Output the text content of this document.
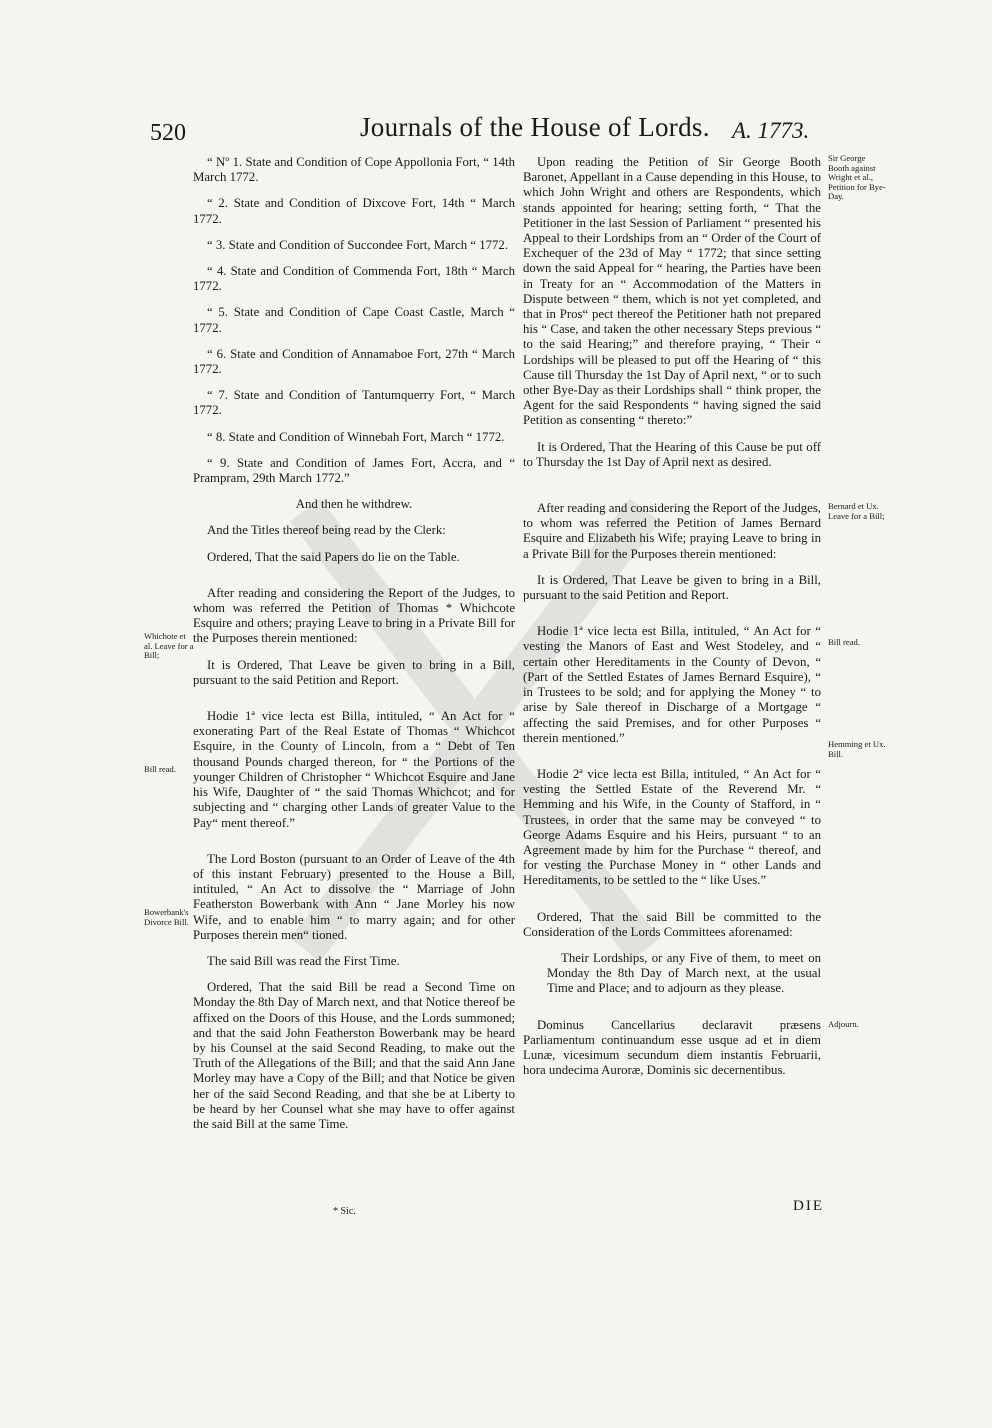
520	Journals of the House of Lords. A. 1773.

“ Nº 1. State and Condition of Cope Appollonia Fort, “ 14th March 1772.

“ 2. State and Condition of Dixcove Fort, 14th “ March 1772.

“ 3. State and Condition of Succondee Fort, March “ 1772.

“ 4. State and Condition of Commenda Fort, 18th “ March 1772.

“ 5. State and Condition of Cape Coast Castle, March “ 1772.

“ 6. State and Condition of Annamaboe Fort, 27th “ March 1772.

“ 7. State and Condition of Tantumquerry Fort, “ March 1772.

“ 8. State and Condition of Winnebah Fort, March “ 1772.

“ 9. State and Condition of James Fort, Accra, and “ Prampram, 29th March 1772.”

And then he withdrew.

And the Titles thereof being read by the Clerk:

Ordered, That the said Papers do lie on the Table.

After reading and considering the Report of the Judges, to whom was referred the Petition of Thomas * Whichcote Esquire and others; praying Leave to bring in a Private Bill for the Purposes therein mentioned:

It is Ordered, That Leave be given to bring in a Bill, pursuant to the said Petition and Report.

Hodie 1ª vice lecta est Billa, intituled, “ An Act for “ exonerating Part of the Real Estate of Thomas “ Whichcot Esquire, in the County of Lincoln, from a “ Debt of Ten thousand Pounds charged thereon, for “ the Portions of the younger Children of Christopher “ Whichcot Esquire and Jane his Wife, Daughter of “ the said Thomas Whichcot; and for subjecting and “ charging other Lands of greater Value to the Pay“ ment thereof.”

The Lord Boston (pursuant to an Order of Leave of the 4th of this instant February) presented to the House a Bill, intituled, “ An Act to dissolve the “ Marriage of John Featherston Bowerbank with Ann “ Jane Morley his now Wife, and to enable him “ to marry again; and for other Purposes therein men“ tioned.

The said Bill was read the First Time.

Ordered, That the said Bill be read a Second Time on Monday the 8th Day of March next, and that Notice thereof be affixed on the Doors of this House, and the Lords summoned; and that the said John Featherston Bowerbank may be heard by his Counsel at the said Second Reading, to make out the Truth of the Allegations of the Bill; and that the said Ann Jane Morley may have a Copy of the Bill; and that Notice be given her of the said Second Reading, and that she be at Liberty to be heard by her Counsel what she may have to offer against the said Bill at the same Time.

Upon reading the Petition of Sir George Booth Baronet, Appellant in a Cause depending in this House, to which John Wright and others are Respondents, which stands appointed for hearing; setting forth, “ That the Petitioner in the last Session of Parliament “ presented his Appeal to their Lordships from an “ Order of the Court of Exchequer of the 23d of May “ 1772; that since setting down the said Appeal for “ hearing, the Parties have been in Treaty for an “ Accommodation of the Matters in Dispute between “ them, which is not yet completed, and that in Pros“ pect thereof the Petitioner hath not prepared his “ Case, and taken the other necessary Steps previous “ to the said Hearing;” and therefore praying, “ Their “ Lordships will be pleased to put off the Hearing of “ this Cause till Thursday the 1st Day of April next, “ or to such other Bye-Day as their Lordships shall “ think proper, the Agent for the said Respondents “ having signed the said Petition as consenting “ thereto:”

It is Ordered, That the Hearing of this Cause be put off to Thursday the 1st Day of April next as desired.

After reading and considering the Report of the Judges, to whom was referred the Petition of James Bernard Esquire and Elizabeth his Wife; praying Leave to bring in a Private Bill for the Purposes therein mentioned:

It is Ordered, That Leave be given to bring in a Bill, pursuant to the said Petition and Report.

Hodie 1ª vice lecta est Billa, intituled, “ An Act for “ vesting the Manors of East and West Stodeley, and “ certain other Hereditaments in the County of Devon, “ (Part of the Settled Estates of James Bernard Esquire), “ in Trustees to be sold; and for applying the Money “ to arise by Sale thereof in Discharge of a Mortgage “ affecting the said Premises, and for other Purposes “ therein mentioned.”

Hodie 2ª vice lecta est Billa, intituled, “ An Act for “ vesting the Settled Estate of the Reverend Mr. “ Hemming and his Wife, in the County of Stafford, in “ Trustees, in order that the same may be conveyed “ to George Adams Esquire and his Heirs, pursuant “ to an Agreement made by him for the Purchase “ thereof, and for vesting the Purchase Money in “ other Lands and Hereditaments, to be settled to the “ like Uses.”

Ordered, That the said Bill be committed to the Consideration of the Lords Committees aforenamed:

Their Lordships, or any Five of them, to meet on Monday the 8th Day of March next, at the usual Time and Place; and to adjourn as they please.

Dominus Cancellarius declaravit præsens Parliamentum continuandum esse usque ad et in diem Lunæ, vicesimum secundum diem instantis Februarii, hora undecima Auroræ, Dominis sic decernentibus.

Whichote et al. Leave for a Bill;
Bill read.
Bowerbank's Divorce Bill.
Sir George Booth against Wright et al., Petition for Bye-Day.
Bernard et Ux. Leave for a Bill;
Bill read.
Hemming et Ux. Bill.
Adjourn.
* Sic.	DIE
